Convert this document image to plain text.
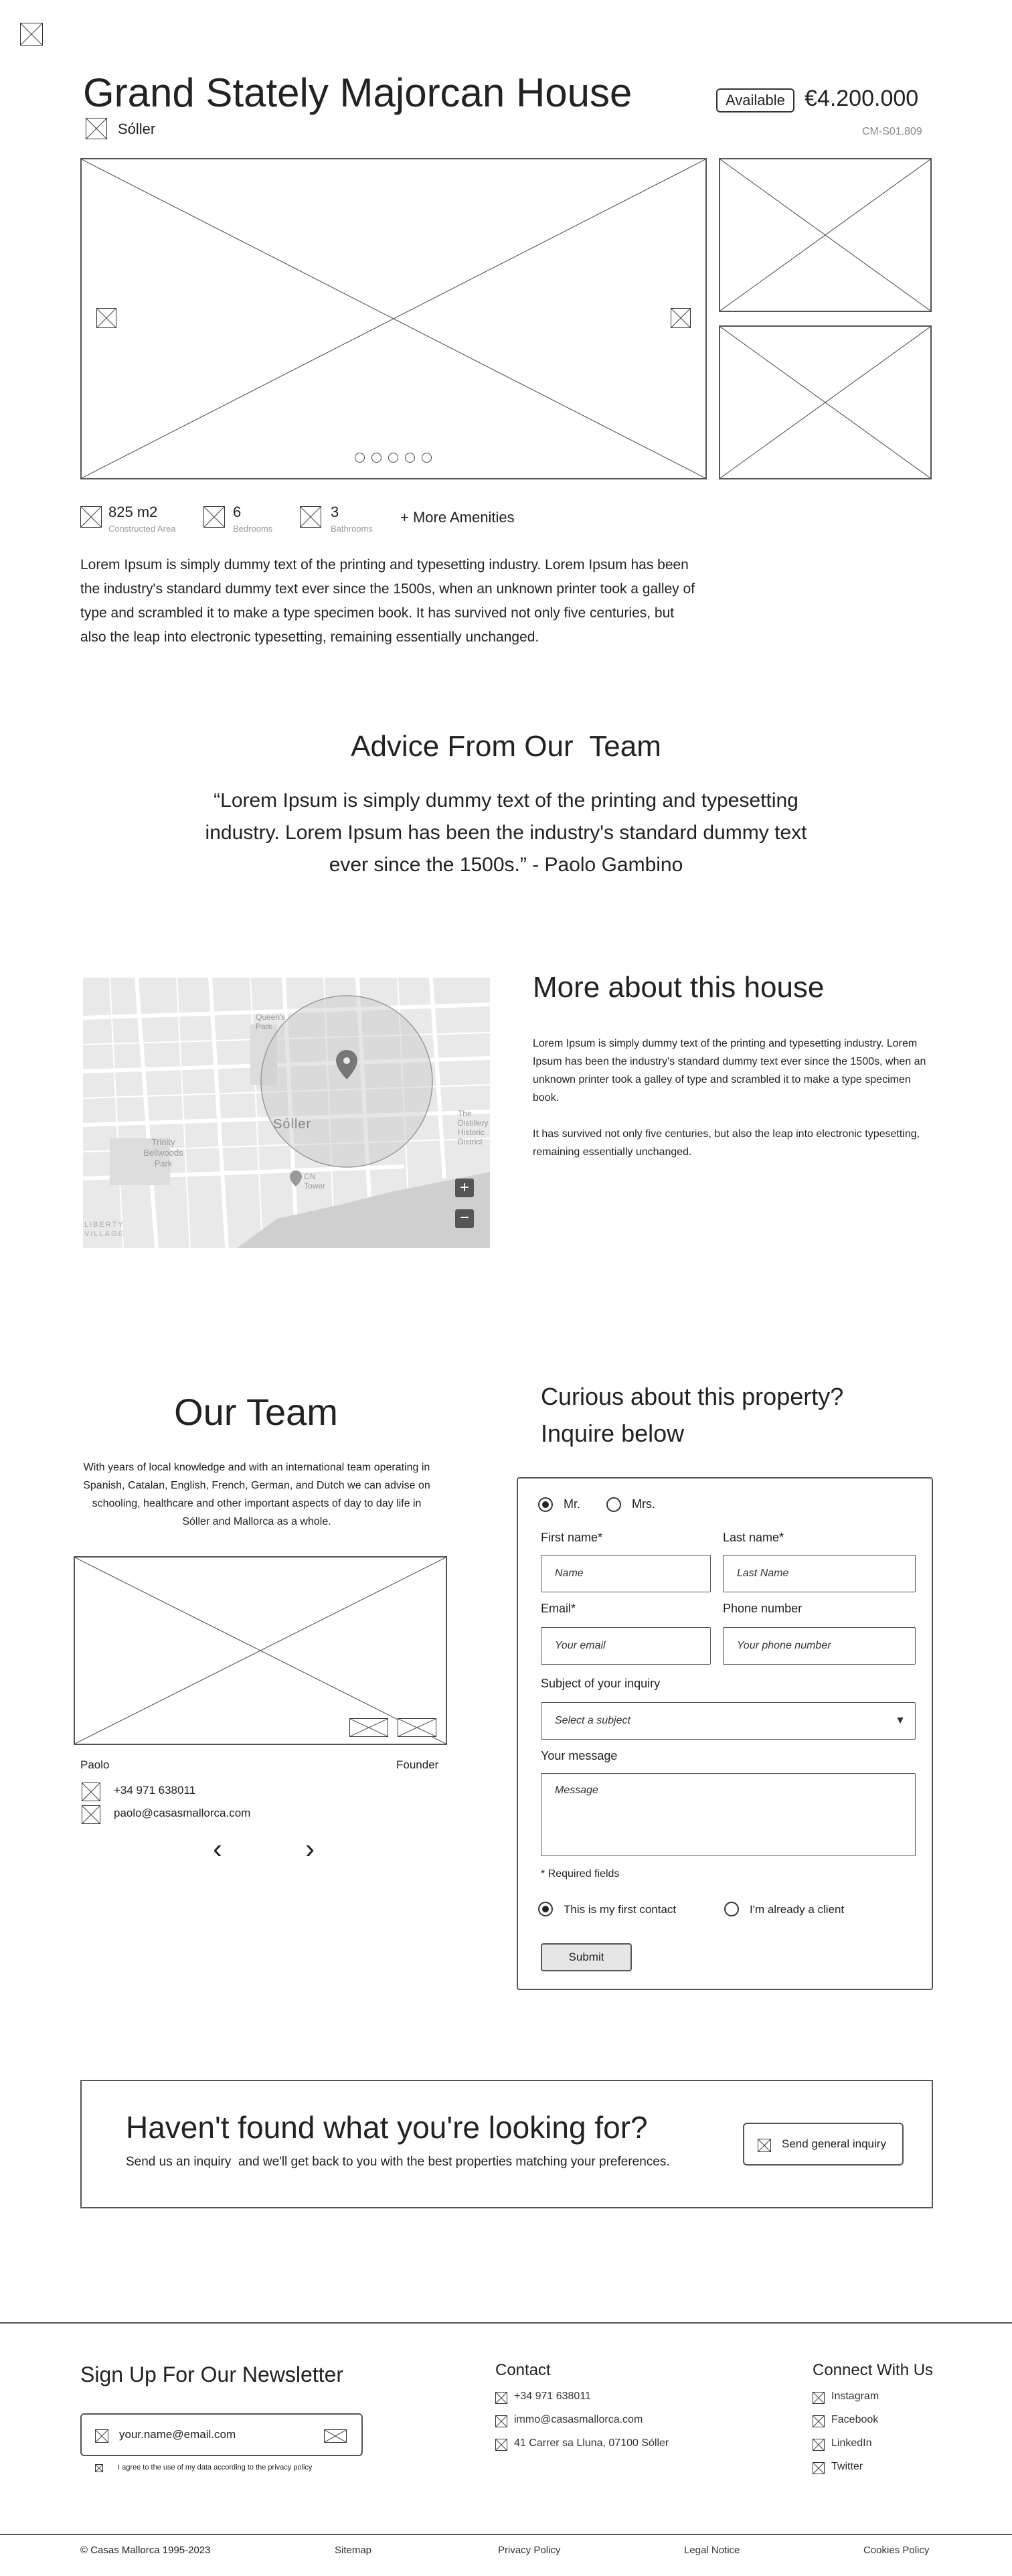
Grand Stately Majorcan House
Sóller
Available €4.200.000
CM-S01.809
825 m2
Constructed Area
6
Bedrooms
3
Bathrooms
+ More Amenities
Lorem Ipsum is simply dummy text of the printing and typesetting industry. Lorem Ipsum has been the industry's standard dummy text ever since the 1500s, when an unknown printer took a galley of type and scrambled it to make a type specimen book. It has survived not only five centuries, but also the leap into electronic typesetting, remaining essentially unchanged.
Advice From Our  Team
“Lorem Ipsum is simply dummy text of the printing and typesetting industry. Lorem Ipsum has been the industry's standard dummy text ever since the 1500s.” - Paolo Gambino
Sóller
Queen's Park
Trinity Bellwoods Park
CN Tower
The Distillery Historic District
LIBERTY VILLAGE
+
−
More about this house
Lorem Ipsum is simply dummy text of the printing and typesetting industry. Lorem Ipsum has been the industry's standard dummy text ever since the 1500s, when an unknown printer took a galley of type and scrambled it to make a type specimen book.
It has survived not only five centuries, but also the leap into electronic typesetting, remaining essentially unchanged.
Our Team
With years of local knowledge and with an international team operating in Spanish, Catalan, English, French, German, and Dutch we can advise on schooling, healthcare and other important aspects of day to day life in Sóller and Mallorca as a whole.
Paolo	Founder
+34 971 638011
paolo@casasmallorca.com
‹	›
Curious about this property? Inquire below
Mr.	Mrs.
First name*	Last name*
Name	Last Name
Email*	Phone number
Your email	Your phone number
Subject of your inquiry
Select a subject	▼
Your message
Message
* Required fields
This is my first contact	I'm already a client
Submit
Haven't found what you're looking for?
Send us an inquiry  and we'll get back to you with the best properties matching your preferences.
Send general inquiry
Sign Up For Our Newsletter
your.name@email.com
I agree to the use of my data according to the privacy policy
Contact
+34 971 638011
immo@casasmallorca.com
41 Carrer sa Lluna, 07100 Sóller
Connect With Us
Instagram
Facebook
LinkedIn
Twitter
© Casas Mallorca 1995-2023	Sitemap	Privacy Policy	Legal Notice	Cookies Policy
